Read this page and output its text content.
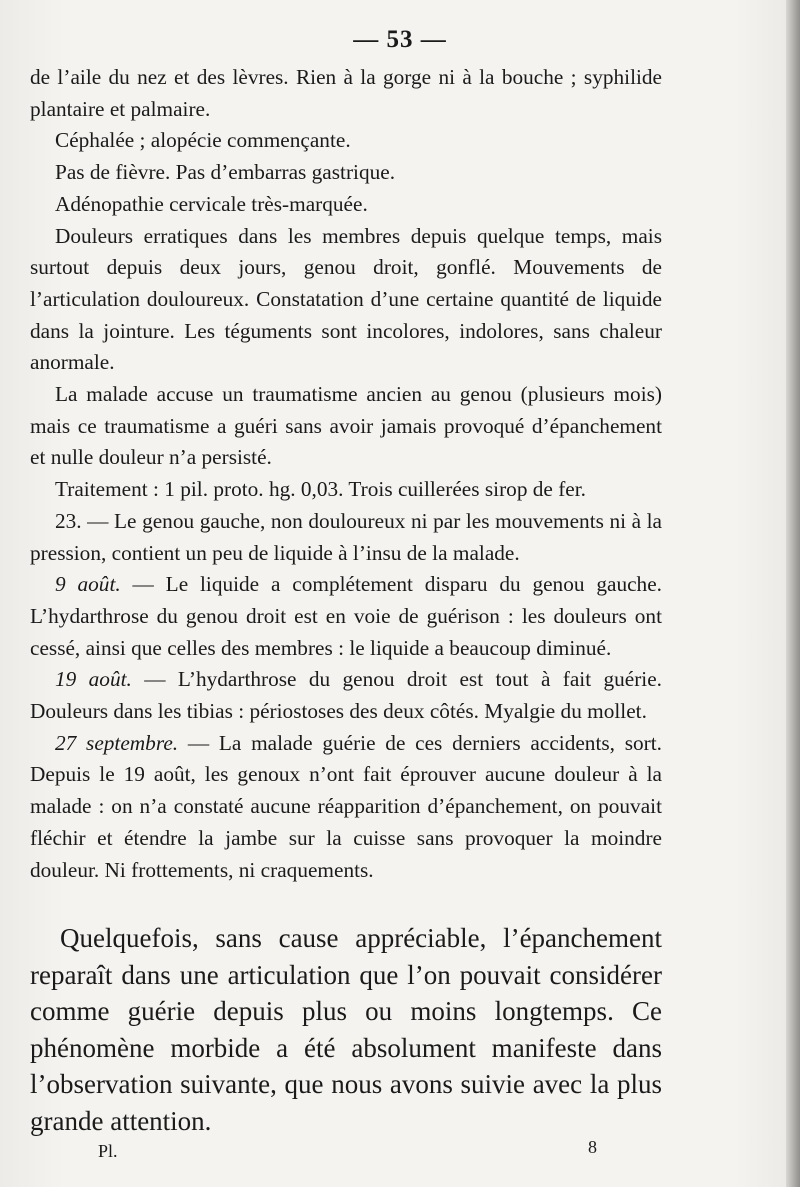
— 53 —

de l’aile du nez et des lèvres. Rien à la gorge ni à la bouche ; syphilide plantaire et palmaire.

Céphalée ; alopécie commençante.

Pas de fièvre. Pas d’embarras gastrique.

Adénopathie cervicale très-marquée.

Douleurs erratiques dans les membres depuis quelque temps, mais surtout depuis deux jours, genou droit, gonflé. Mouvements de l’articulation douloureux. Constatation d’une certaine quantité de liquide dans la jointure. Les téguments sont incolores, indolores, sans chaleur anormale.

La malade accuse un traumatisme ancien au genou (plusieurs mois) mais ce traumatisme a guéri sans avoir jamais provoqué d’épanchement et nulle douleur n’a persisté.

Traitement : 1 pil. proto. hg. 0,03. Trois cuillerées sirop de fer.

23. — Le genou gauche, non douloureux ni par les mouvements ni à la pression, contient un peu de liquide à l’insu de la malade.

9 août. — Le liquide a complétement disparu du genou gauche. L’hydarthrose du genou droit est en voie de guérison : les douleurs ont cessé, ainsi que celles des membres : le liquide a beaucoup diminué.

19 août. — L’hydarthrose du genou droit est tout à fait guérie. Douleurs dans les tibias : périostoses des deux côtés. Myalgie du mollet.

27 septembre. — La malade guérie de ces derniers accidents, sort. Depuis le 19 août, les genoux n’ont fait éprouver aucune douleur à la malade : on n’a constaté aucune réapparition d’épanchement, on pouvait fléchir et étendre la jambe sur la cuisse sans provoquer la moindre douleur. Ni frottements, ni craquements.

Quelquefois, sans cause appréciable, l’épanchement reparaît dans une articulation que l’on pouvait considérer comme guérie depuis plus ou moins longtemps. Ce phénomène morbide a été absolument manifeste dans l’observation suivante, que nous avons suivie avec la plus grande attention.

Pl.	8
